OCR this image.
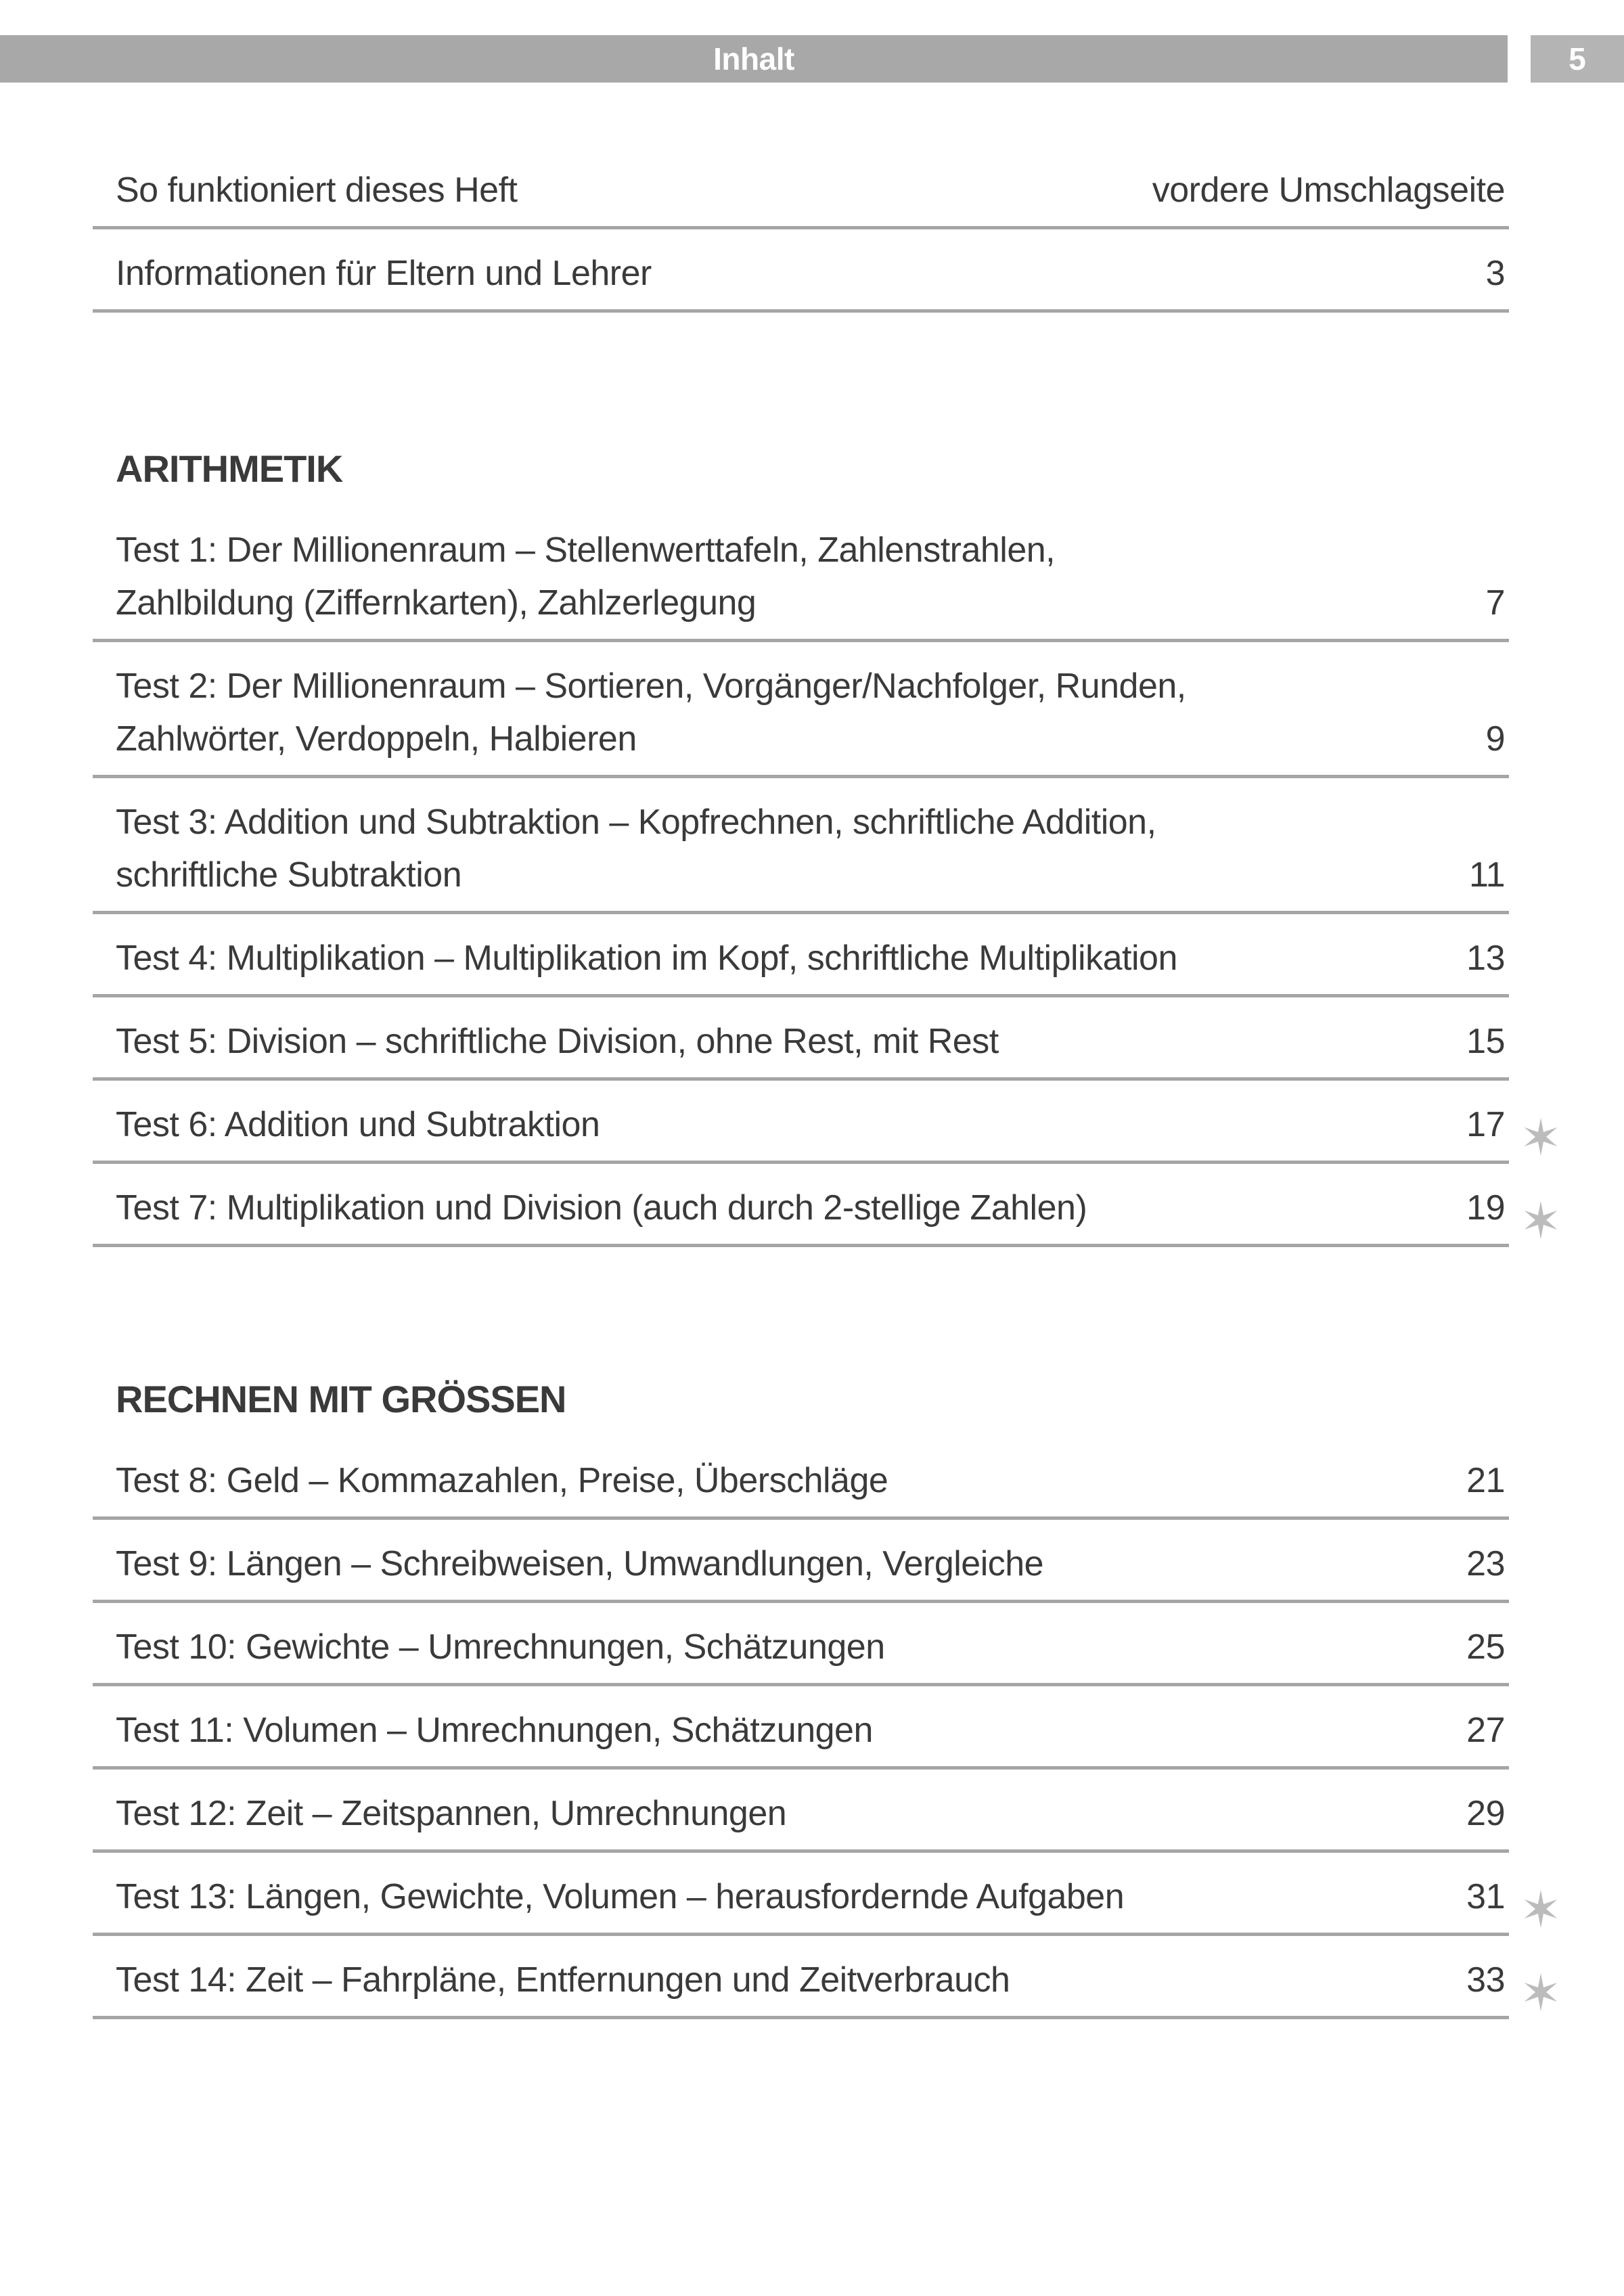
Inhalt	5
So funktioniert dieses Heft	vordere Umschlagseite
Informationen für Eltern und Lehrer	3
ARITHMETIK
Test 1: Der Millionenraum – Stellenwerttafeln, Zahlenstrahlen,
Zahlbildung (Ziffernkarten), Zahlzerlegung	7
Test 2: Der Millionenraum – Sortieren, Vorgänger/Nachfolger, Runden,
Zahlwörter, Verdoppeln, Halbieren	9
Test 3: Addition und Subtraktion – Kopfrechnen, schriftliche Addition,
schriftliche Subtraktion	11
Test 4: Multiplikation – Multiplikation im Kopf, schriftliche Multiplikation	13
Test 5: Division – schriftliche Division, ohne Rest, mit Rest	15
Test 6: Addition und Subtraktion	17
Test 7: Multiplikation und Division (auch durch 2-stellige Zahlen)	19
RECHNEN MIT GRÖSSEN
Test 8: Geld – Kommazahlen, Preise, Überschläge	21
Test 9: Längen – Schreibweisen, Umwandlungen, Vergleiche	23
Test 10: Gewichte – Umrechnungen, Schätzungen	25
Test 11: Volumen – Umrechnungen, Schätzungen	27
Test 12: Zeit – Zeitspannen, Umrechnungen	29
Test 13: Längen, Gewichte, Volumen – herausfordernde Aufgaben	31
Test 14: Zeit – Fahrpläne, Entfernungen und Zeitverbrauch	33
